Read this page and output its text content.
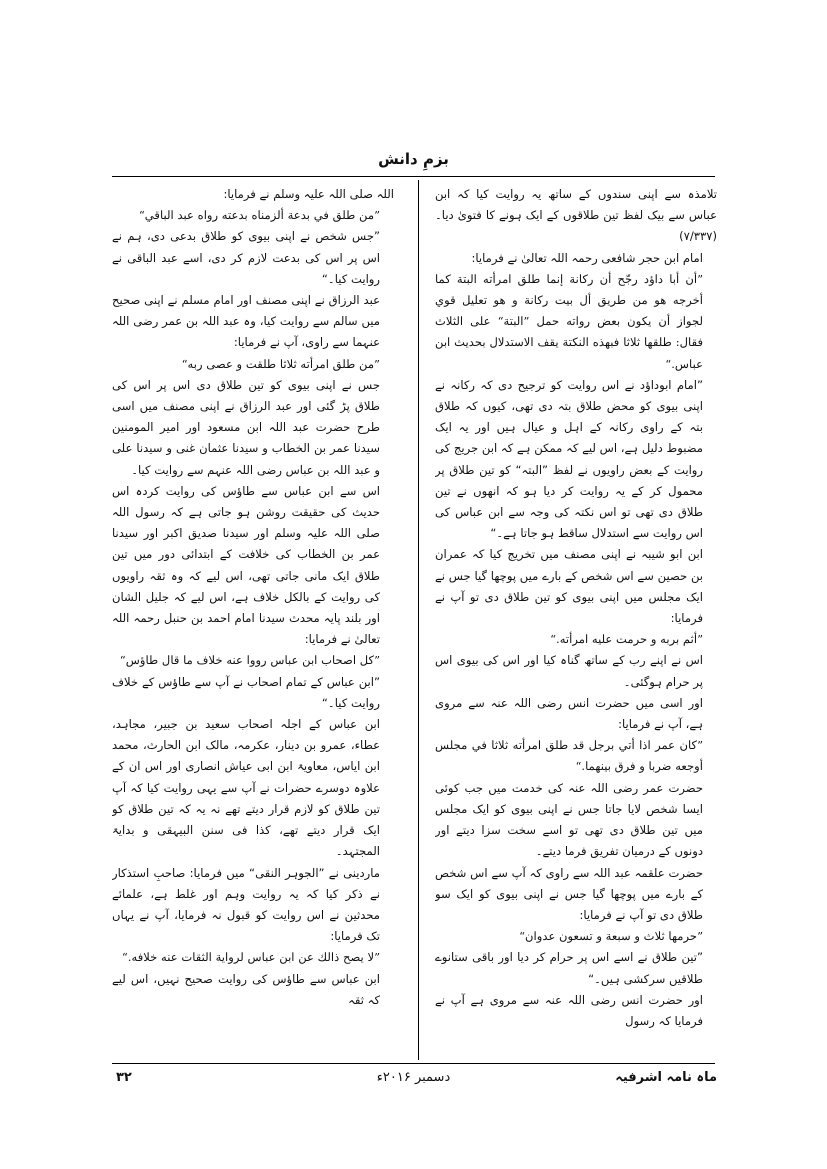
بزمِ دانش

تلامذہ سے اپنی سندوں کے ساتھ یہ روایت کیا کہ ابن عباس سے بیک لفظ تین طلاقوں کے ایک ہونے کا فتویٰ دیا۔ (۷/۳۳۷)

امام ابن حجر شافعی رحمہ اللہ تعالیٰ نے فرمایا:

”أن أبا داؤد رجّح أن ركانة إنما طلق امرأته البتة كما أخرجه هو من طريق أل بيت ركانة و هو تعليل قوي لجواز أن يكون بعض رواته حمل ”البتة“ على الثلاث فقال: طلقها ثلاثا فبهذه النكتة يقف الاستدلال بحديث ابن عباس.“

”امام ابوداؤد نے اس روایت کو ترجیح دی کہ رکانہ نے اپنی بیوی کو محض طلاق بتہ دی تھی، کیوں کہ طلاق بتہ کے راوی رکانہ کے اہل و عیال ہیں اور یہ ایک مضبوط دلیل ہے، اس لیے کہ ممکن ہے کہ ابن جریج کی روایت کے بعض راویوں نے لفظ ”البتہ“ کو تین طلاق پر محمول کر کے یہ روایت کر دیا ہو کہ انھوں نے تین طلاق دی تھی تو اس نکتہ کی وجہ سے ابن عباس کی اس روایت سے استدلال ساقط ہو جاتا ہے۔“

ابن ابو شیبہ نے اپنی مصنف میں تخریج کیا کہ عمران بن حصین سے اس شخص کے بارے میں پوچھا گیا جس نے ایک مجلس میں اپنی بیوی کو تین طلاق دی تو آپ نے فرمایا:

”أثم بربه و حرمت عليه امرأته.“

اس نے اپنے رب کے ساتھ گناہ کیا اور اس کی بیوی اس پر حرام ہوگئی۔

اور اسی میں حضرت انس رضی اللہ عنہ سے مروی ہے، آپ نے فرمایا:

”كان عمر اذا أتي برجل قد طلق امرأته ثلاثا في مجلس أوجعه ضربا و فرق بينهما.“

حضرت عمر رضی اللہ عنہ کی خدمت میں جب کوئی ایسا شخص لایا جاتا جس نے اپنی بیوی کو ایک مجلس میں تین طلاق دی تھی تو اسے سخت سزا دیتے اور دونوں کے درمیان تفریق فرما دیتے۔

حضرت علقمہ عبد اللہ سے راوی کہ آپ سے اس شخص کے بارے میں پوچھا گیا جس نے اپنی بیوی کو ایک سو طلاق دی تو آپ نے فرمایا:

”حرمها ثلاث و سبعة و تسعون عدوان“

”تین طلاق نے اسے اس پر حرام کر دیا اور باقی ستانوے طلاقیں سرکشی ہیں۔“

اور حضرت انس رضی اللہ عنہ سے مروی ہے آپ نے فرمایا کہ رسول

اللہ صلی اللہ علیہ وسلم نے فرمایا:

”من طلق في بدعة ألزمناه بدعته رواه عبد الباقي“

”جس شخص نے اپنی بیوی کو طلاق بدعی دی، ہم نے اس پر اس کی بدعت لازم کر دی، اسے عبد الباقی نے روایت کیا۔“

عبد الرزاق نے اپنی مصنف اور امام مسلم نے اپنی صحیح میں سالم سے روایت کیا، وہ عبد اللہ بن عمر رضی اللہ عنہما سے راوی، آپ نے فرمایا:

”من طلق امرأته ثلاثا طلقت و عصى ربه“

جس نے اپنی بیوی کو تین طلاق دی اس پر اس کی طلاق پڑ گئی اور عبد الرزاق نے اپنی مصنف میں اسی طرح حضرت عبد اللہ ابن مسعود اور امیر المومنین سیدنا عمر بن الخطاب و سیدنا عثمان غنی و سیدنا علی و عبد اللہ بن عباس رضی اللہ عنہم سے روایت کیا۔

اس سے ابن عباس سے طاؤس کی روایت کردہ اس حدیث کی حقیقت روشن ہو جاتی ہے کہ رسول اللہ صلی اللہ علیہ وسلم اور سیدنا صدیق اکبر اور سیدنا عمر بن الخطاب کی خلافت کے ابتدائی دور میں تین طلاق ایک مانی جاتی تھی، اس لیے کہ وہ ثقہ راویوں کی روایت کے بالکل خلاف ہے، اس لیے کہ جلیل الشان اور بلند پایہ محدث سیدنا امام احمد بن حنبل رحمہ اللہ تعالیٰ نے فرمایا:

”كل اصحاب ابن عباس رووا عنه خلاف ما قال طاؤس“

”ابن عباس کے تمام اصحاب نے آپ سے طاؤس کے خلاف روایت کیا۔“

ابن عباس کے اجلہ اصحاب سعید بن جبیر، مجاہد، عطاء، عمرو بن دینار، عکرمہ، مالک ابن الحارث، محمد ابن ایاس، معاویۃ ابن ابی عیاش انصاری اور اس ان کے علاوہ دوسرے حضرات نے آپ سے یہی روایت کیا کہ آپ تین طلاق کو لازم قرار دیتے تھے نہ یہ کہ تین طلاق کو ایک قرار دیتے تھے، کذا فی سنن البیہقی و بدایۃ المجتہد۔

ماردینی نے ”الجوہر النقی“ میں فرمایا: صاحبِ استذکار نے ذکر کیا کہ یہ روایت وہم اور غلط ہے، علمائے محدثین نے اس روایت کو قبول نہ فرمایا، آپ نے یہاں تک فرمایا:

”لا يصح ذالك عن ابن عباس لرواية الثقات عنه خلافه.“

ابن عباس سے طاؤس کی روایت صحیح نہیں، اس لیے کہ ثقہ

ماہ نامہ اشرفیہ
دسمبر ۲۰۱۶ء
۳۲
